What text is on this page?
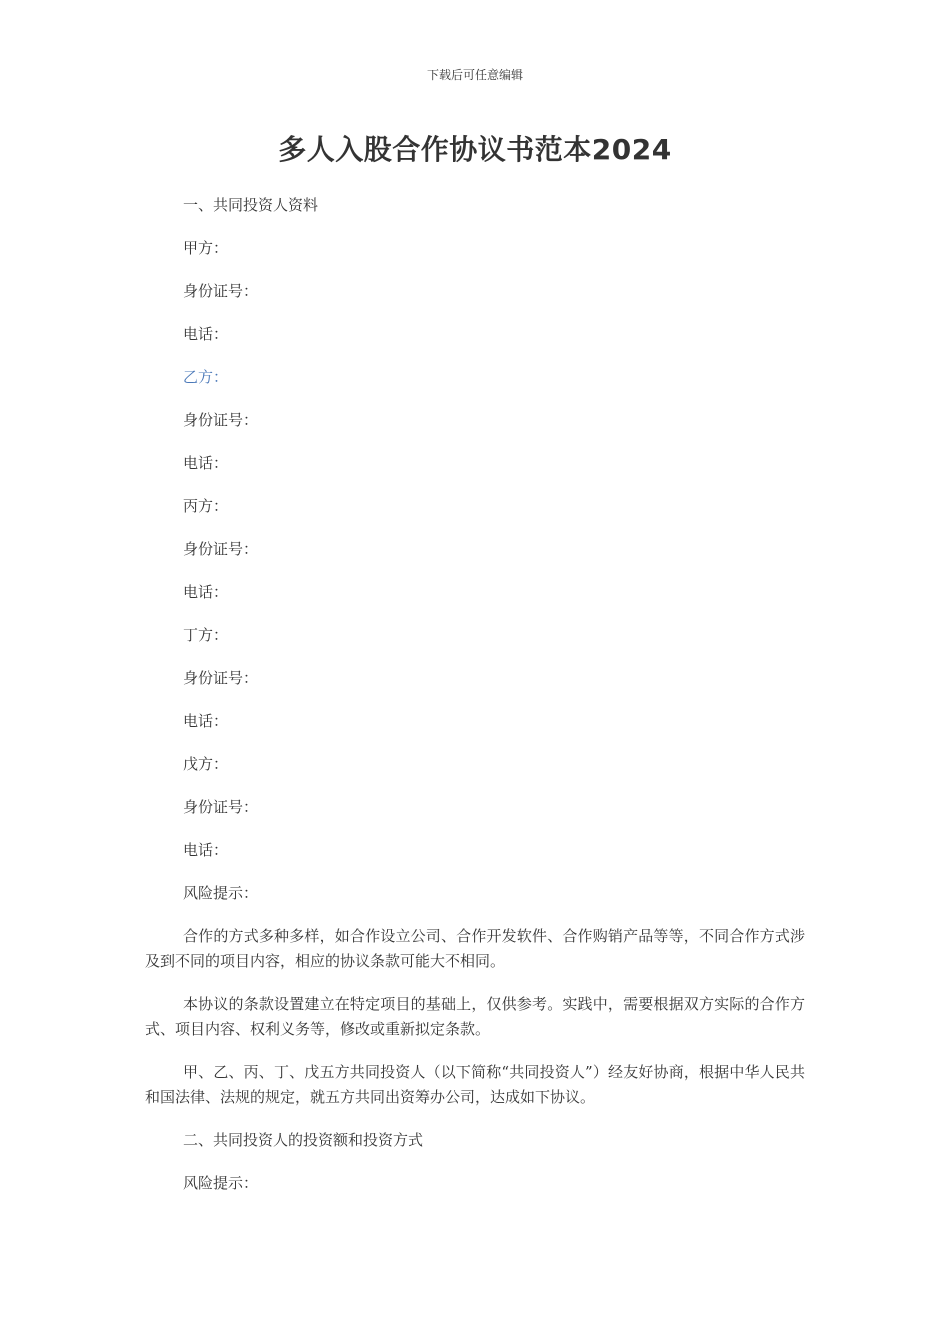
下载后可任意编辑
多人入股合作协议书范本2024
一、共同投资人资料
甲方：
身份证号：
电话：
乙方：
身份证号：
电话：
丙方：
身份证号：
电话：
丁方：
身份证号：
电话：
戊方：
身份证号：
电话：
风险提示：
合作的方式多种多样，如合作设立公司、合作开发软件、合作购销产品等等，不同合作方式涉及到不同的项目内容，相应的协议条款可能大不相同。
本协议的条款设置建立在特定项目的基础上，仅供参考。实践中，需要根据双方实际的合作方式、项目内容、权利义务等，修改或重新拟定条款。
甲、乙、丙、丁、戊五方共同投资人（以下简称“共同投资人”）经友好协商，根据中华人民共和国法律、法规的规定，就五方共同出资筹办公司，达成如下协议。
二、共同投资人的投资额和投资方式
风险提示：
